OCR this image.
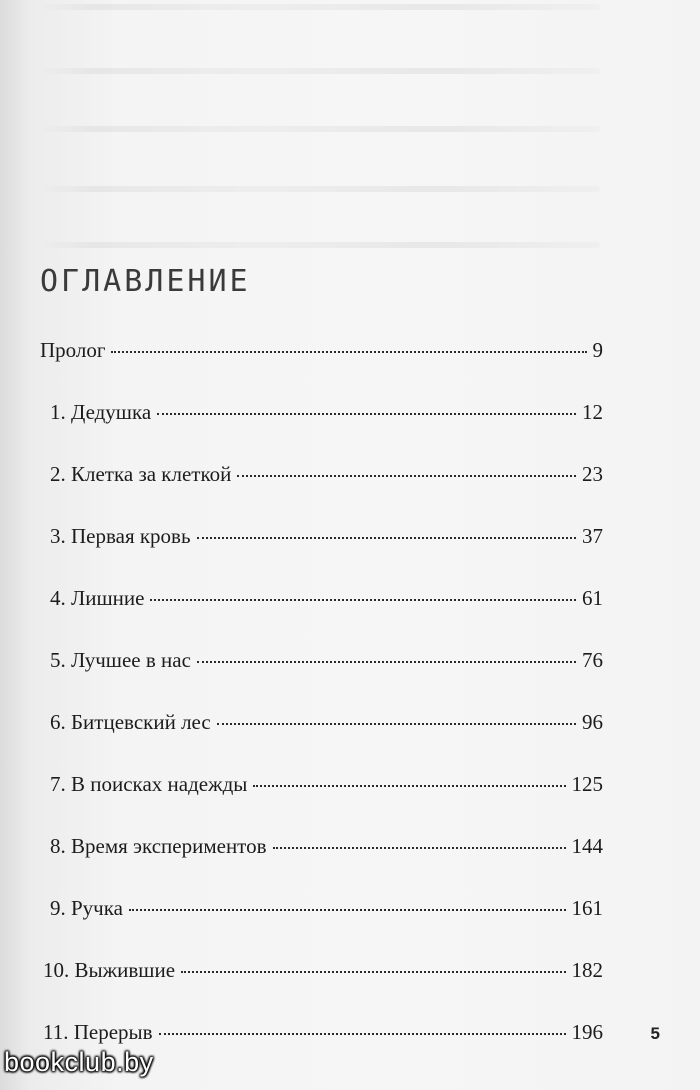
ОГЛАВЛЕНИЕ
Пролог	9
1. Дедушка	12
2. Клетка за клеткой	23
3. Первая кровь	37
4. Лишние	61
5. Лучшее в нас	76
6. Битцевский лес	96
7. В поисках надежды	125
8. Время экспериментов	144
9. Ручка	161
10. Выжившие	182
11. Перерыв	196	5
bookclub.by
